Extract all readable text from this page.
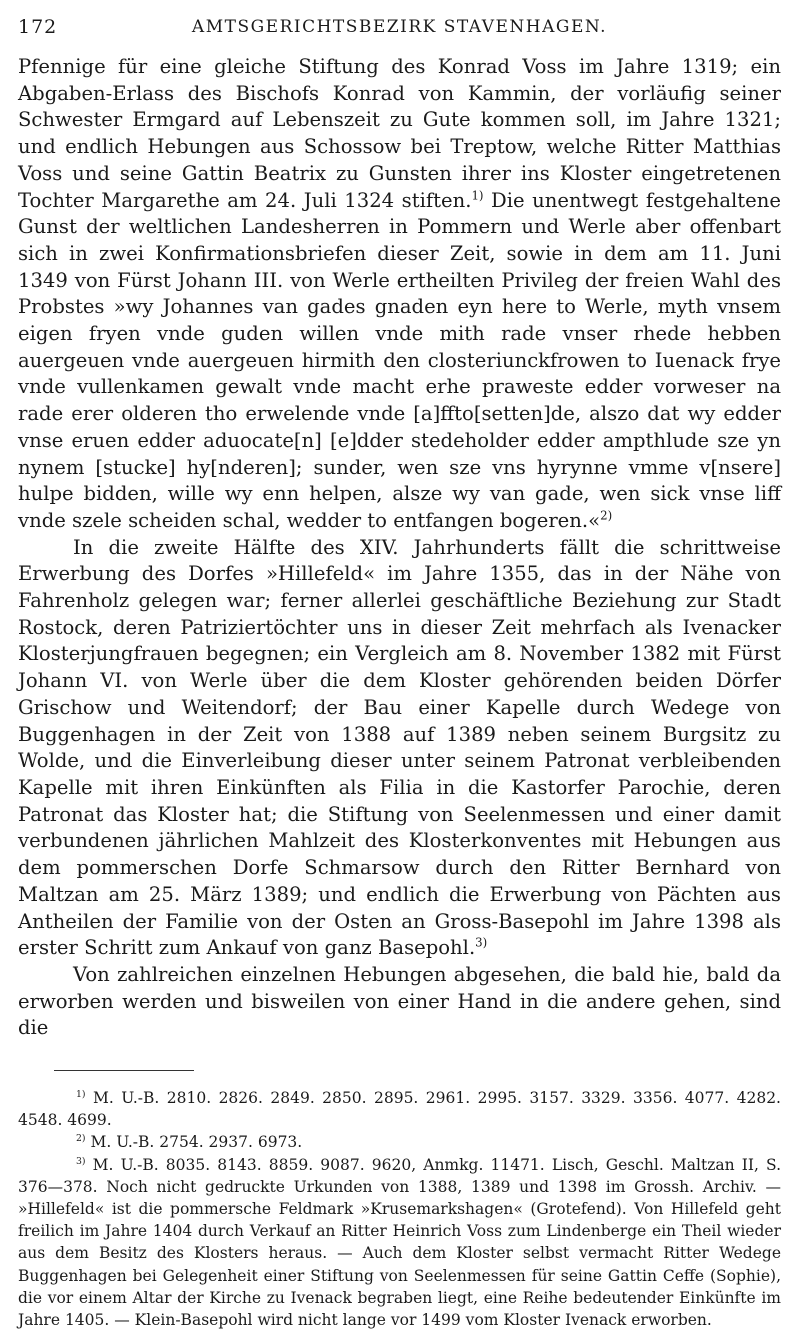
172	AMTSGERICHTSBEZIRK STAVENHAGEN.

Pfennige für eine gleiche Stiftung des Konrad Voss im Jahre 1319; ein Abgaben-Erlass des Bischofs Konrad von Kammin, der vorläufig seiner Schwester Ermgard auf Lebenszeit zu Gute kommen soll, im Jahre 1321; und endlich Hebungen aus Schossow bei Treptow, welche Ritter Matthias Voss und seine Gattin Beatrix zu Gunsten ihrer ins Kloster eingetretenen Tochter Margarethe am 24. Juli 1324 stiften.$^{1)}$ Die unentwegt festgehaltene Gunst der weltlichen Landesherren in Pommern und Werle aber offenbart sich in zwei Konfirmationsbriefen dieser Zeit, sowie in dem am 11. Juni 1349 von Fürst Johann III. von Werle ertheilten Privileg der freien Wahl des Probstes »wy Johannes van gades gnaden eyn here to Werle, myth vnsem eigen fryen vnde guden willen vnde mith rade vnser rhede hebben auergeuen vnde auergeuen hirmith den closteriunckfrowen to Iuenack frye vnde vullenkamen gewalt vnde macht erhe praweste edder vorweser na rade erer olderen tho erwelende vnde [a]ffto[setten]de, alszo dat wy edder vnse eruen edder aduocate[n] [e]dder stedeholder edder ampthlude sze yn nynem [stucke] hy[nderen]; sunder, wen sze vns hyrynne vmme v[nsere] hulpe bidden, wille wy enn helpen, alsze wy van gade, wen sick vnse liff vnde szele scheiden schal, wedder to entfangen bogeren.«$^{2)}$

In die zweite Hälfte des XIV. Jahrhunderts fällt die schrittweise Erwerbung des Dorfes »Hillefeld« im Jahre 1355, das in der Nähe von Fahrenholz gelegen war; ferner allerlei geschäftliche Beziehung zur Stadt Rostock, deren Patriziertöchter uns in dieser Zeit mehrfach als Ivenacker Klosterjungfrauen begegnen; ein Vergleich am 8. November 1382 mit Fürst Johann VI. von Werle über die dem Kloster gehörenden beiden Dörfer Grischow und Weitendorf; der Bau einer Kapelle durch Wedege von Buggenhagen in der Zeit von 1388 auf 1389 neben seinem Burgsitz zu Wolde, und die Einverleibung dieser unter seinem Patronat verbleibenden Kapelle mit ihren Einkünften als Filia in die Kastorfer Parochie, deren Patronat das Kloster hat; die Stiftung von Seelenmessen und einer damit verbundenen jährlichen Mahlzeit des Klosterkonventes mit Hebungen aus dem pommerschen Dorfe Schmarsow durch den Ritter Bernhard von Maltzan am 25. März 1389; und endlich die Erwerbung von Pächten aus Antheilen der Familie von der Osten an Gross-Basepohl im Jahre 1398 als erster Schritt zum Ankauf von ganz Basepohl.$^{3)}$

Von zahlreichen einzelnen Hebungen abgesehen, die bald hie, bald da erworben werden und bisweilen von einer Hand in die andere gehen, sind die

$^{1)}$ M. U.-B. 2810. 2826. 2849. 2850. 2895. 2961. 2995. 3157. 3329. 3356. 4077. 4282. 4548. 4699.

$^{2)}$ M. U.-B. 2754. 2937. 6973.

$^{3)}$ M. U.-B. 8035. 8143. 8859. 9087. 9620, Anmkg. 11471. Lisch, Geschl. Maltzan II, S. 376—378. Noch nicht gedruckte Urkunden von 1388, 1389 und 1398 im Grossh. Archiv. — »Hillefeld« ist die pommersche Feldmark »Krusemarkshagen« (Grotefend). Von Hillefeld geht freilich im Jahre 1404 durch Verkauf an Ritter Heinrich Voss zum Lindenberge ein Theil wieder aus dem Besitz des Klosters heraus. — Auch dem Kloster selbst vermacht Ritter Wedege Buggenhagen bei Gelegenheit einer Stiftung von Seelenmessen für seine Gattin Ceffe (Sophie), die vor einem Altar der Kirche zu Ivenack begraben liegt, eine Reihe bedeutender Einkünfte im Jahre 1405. — Klein-Basepohl wird nicht lange vor 1499 vom Kloster Ivenack erworben.
